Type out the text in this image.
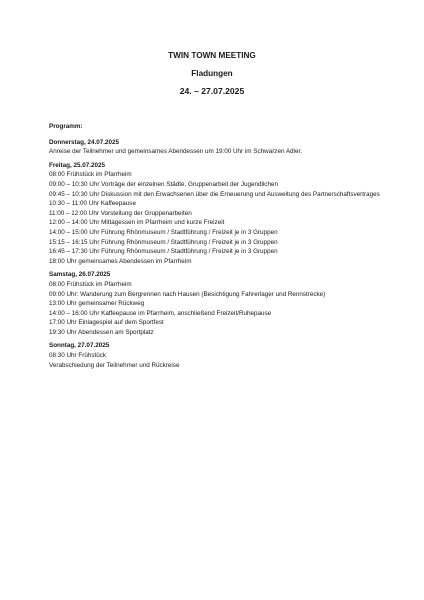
TWIN TOWN MEETING
Fladungen
24. – 27.07.2025
Programm:
Donnerstag, 24.07.2025
Anreise der Teilnehmer und gemeinsames Abendessen um 19:00 Uhr im Schwarzen Adler.
Freitag, 25.07.2025
08:00 Frühstück im Pfarrheim
09:00 – 10:30 Uhr Vorträge der einzelnen Städte, Gruppenarbeit der Jugendlichen
09:45 – 10:30 Uhr Diskussion mit den Erwachsenen über die Erneuerung und Ausweitung des Partnerschaftsvertrages
10:30 – 11:00 Uhr Kaffeepause
11:00 – 12:00 Uhr Vorstellung der Gruppenarbeiten
12:00 – 14:00 Uhr Mittagessen im Pfarrheim und kurze Freizeit
14:00 – 15:00 Uhr Führung Rhönmuseum / Stadtführung / Freizeit je in 3 Gruppen
15:15 – 16:15 Uhr Führung Rhönmuseum / Stadtführung / Freizeit je in 3 Gruppen
16:45 – 17:30 Uhr Führung Rhönmuseum / Stadtführung / Freizeit je in 3 Gruppen
18:00 Uhr gemeinsames Abendessen im Pfarrheim
Samstag, 26.07.2025
08:00 Frühstück im Pfarrheim
09:00 Uhr: Wanderung zum Bergrennen nach Hausen (Besichtigung Fahrerlager und Rennstrecke)
13:00 Uhr gemeinsamer Rückweg
14:00 – 16:00 Uhr Kaffeepause im Pfarrheim, anschließend Freizeit/Ruhepause
17:00 Uhr Einlagespiel auf dem Sportfest
19:30 Uhr Abendessen am Sportplatz
Sonntag, 27.07.2025
08:30 Uhr Frühstück
Verabschiedung der Teilnehmer und Rückreise
